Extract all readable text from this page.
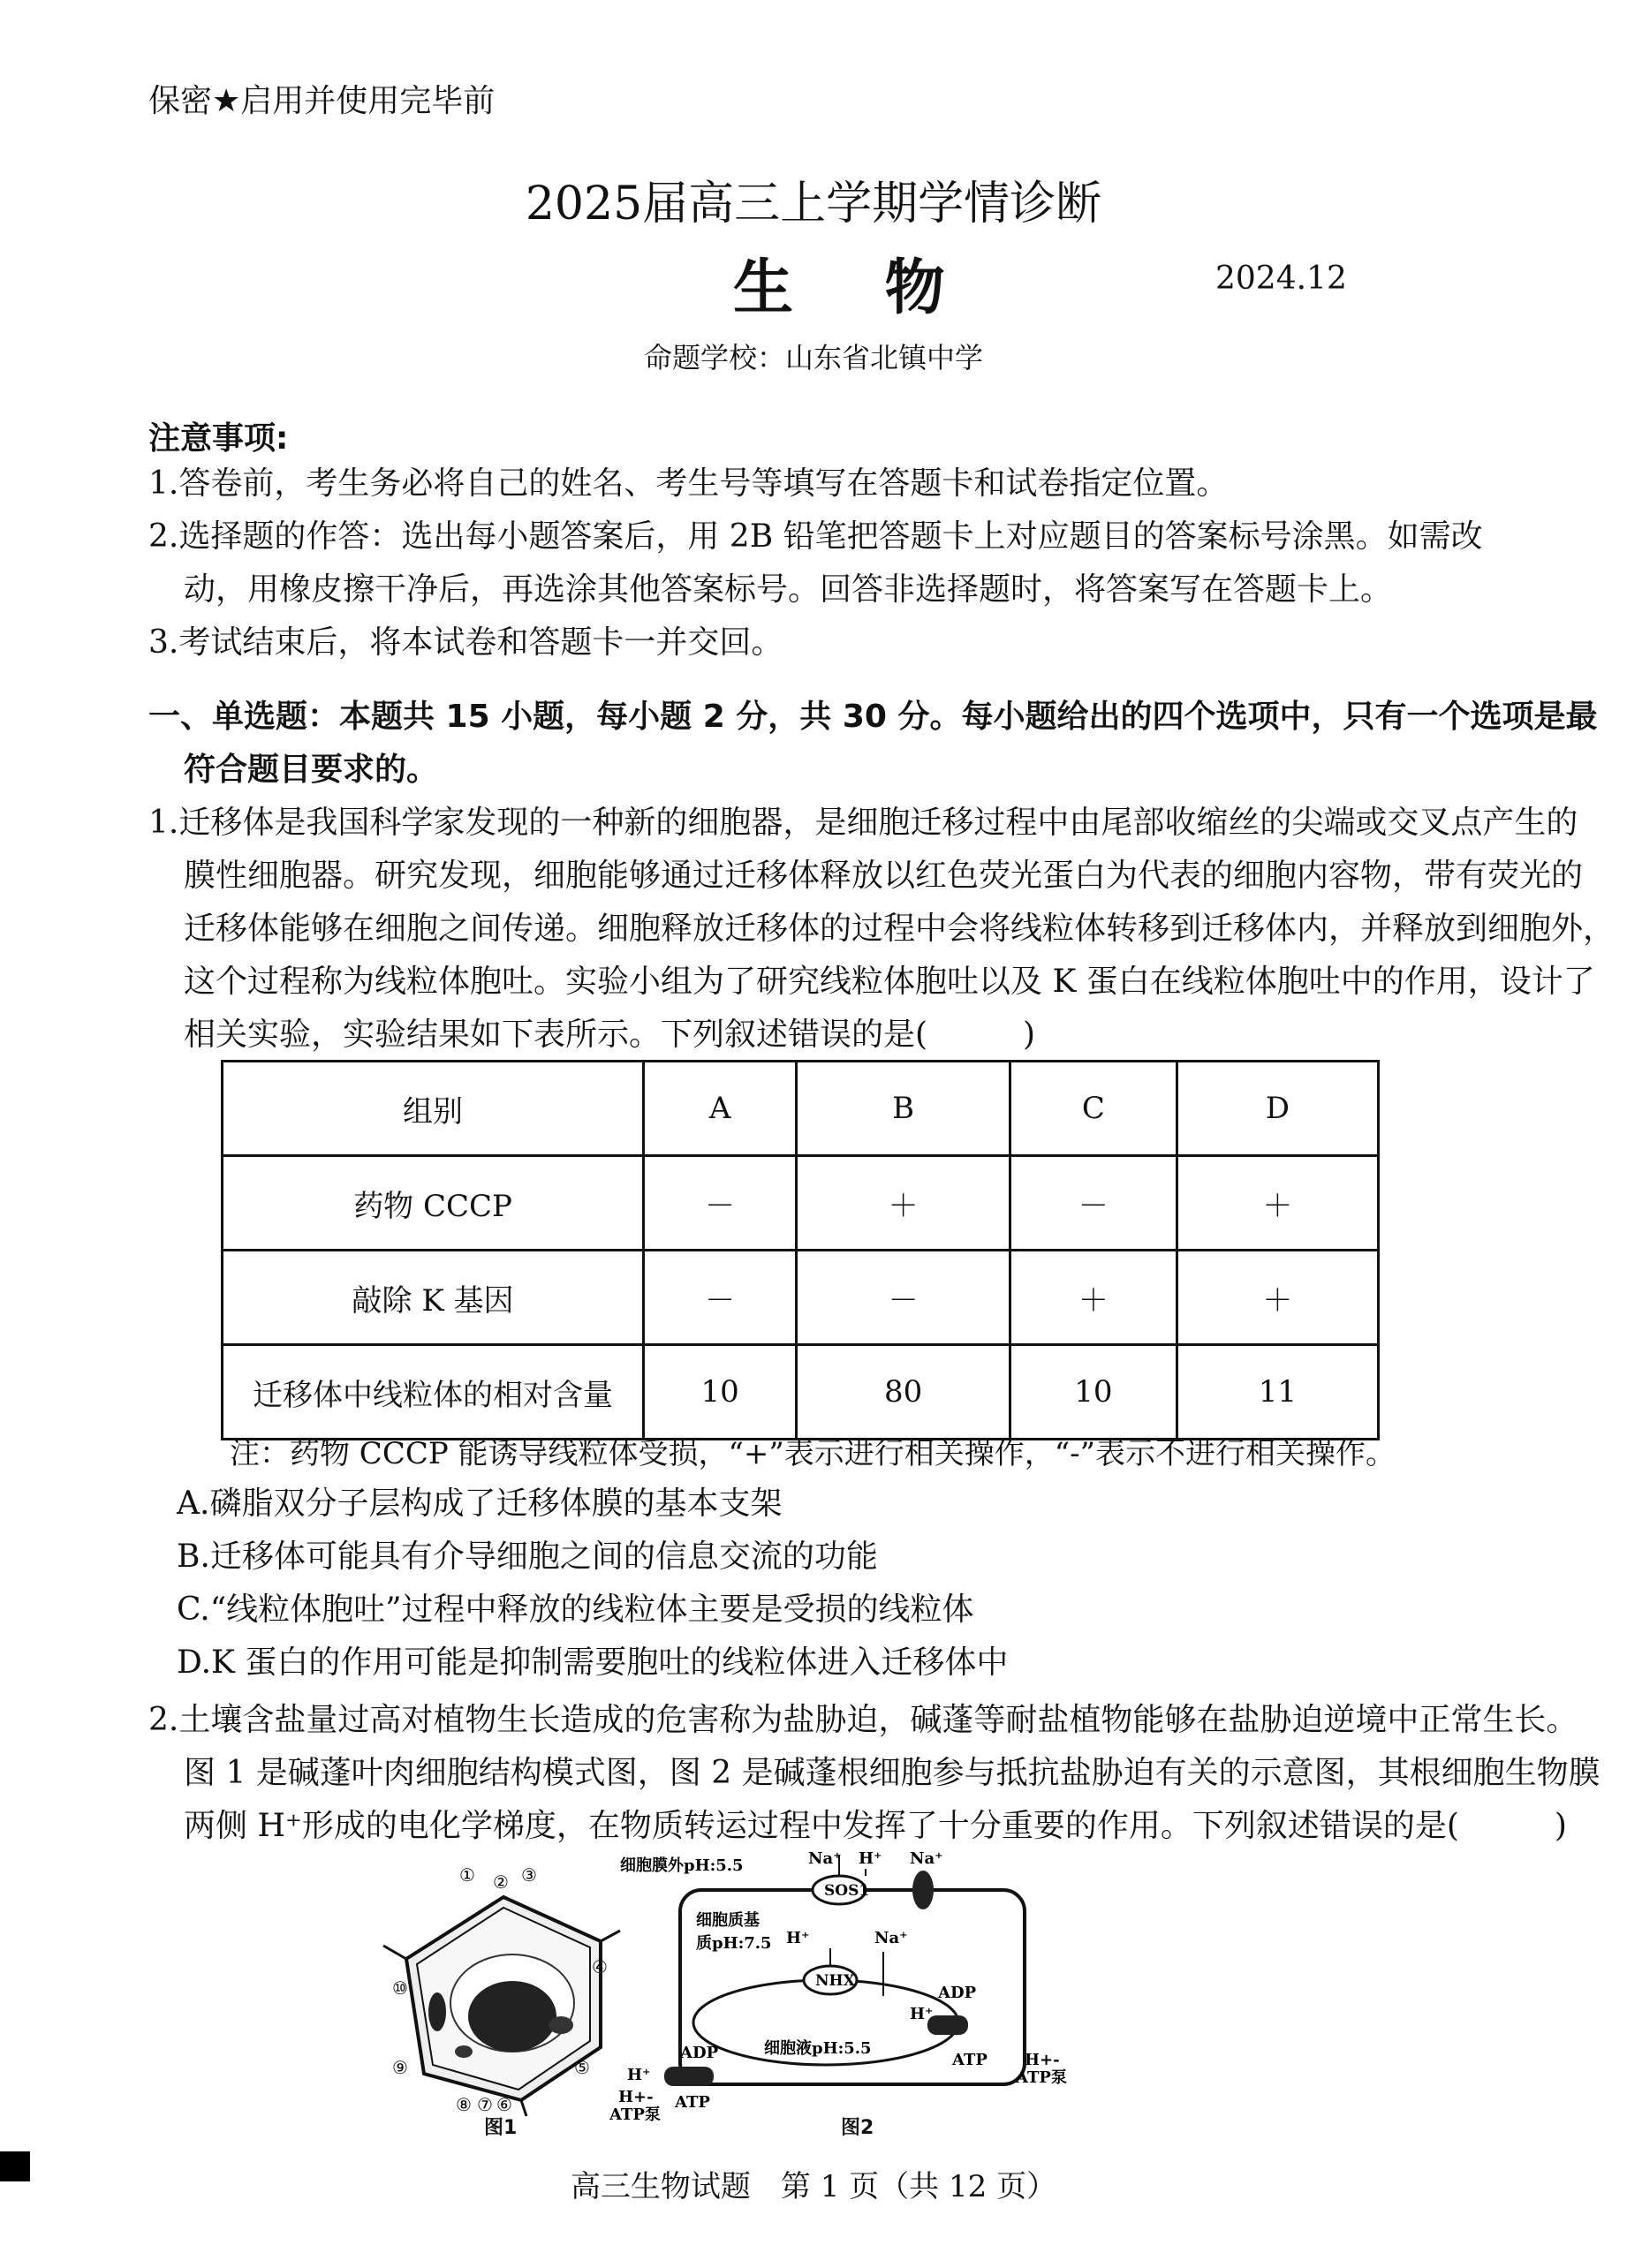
保密★启用并使用完毕前
2025届高三上学期学情诊断
生 物	2024.12
命题学校：山东省北镇中学
注意事项:
1.答卷前，考生务必将自己的姓名、考生号等填写在答题卡和试卷指定位置。
2.选择题的作答：选出每小题答案后，用 2B 铅笔把答题卡上对应题目的答案标号涂黑。如需改
动，用橡皮擦干净后，再选涂其他答案标号。回答非选择题时，将答案写在答题卡上。
3.考试结束后，将本试卷和答题卡一并交回。
一、单选题：本题共 15 小题，每小题 2 分，共 30 分。每小题给出的四个选项中，只有一个选项是最
符合题目要求的。
1.迁移体是我国科学家发现的一种新的细胞器，是细胞迁移过程中由尾部收缩丝的尖端或交叉点产生的
膜性细胞器。研究发现，细胞能够通过迁移体释放以红色荧光蛋白为代表的细胞内容物，带有荧光的
迁移体能够在细胞之间传递。细胞释放迁移体的过程中会将线粒体转移到迁移体内，并释放到细胞外，
这个过程称为线粒体胞吐。实验小组为了研究线粒体胞吐以及 K 蛋白在线粒体胞吐中的作用，设计了
相关实验，实验结果如下表所示。下列叙述错误的是(　　　)
组别	A	B	C	D
药物 CCCP	－	＋	－	＋
敲除 K 基因	－	－	＋	＋
迁移体中线粒体的相对含量	10	80	10	11
注：药物 CCCP 能诱导线粒体受损，“+”表示进行相关操作，“-”表示不进行相关操作。
A.磷脂双分子层构成了迁移体膜的基本支架
B.迁移体可能具有介导细胞之间的信息交流的功能
C.“线粒体胞吐”过程中释放的线粒体主要是受损的线粒体
D.K 蛋白的作用可能是抑制需要胞吐的线粒体进入迁移体中
2.土壤含盐量过高对植物生长造成的危害称为盐胁迫，碱蓬等耐盐植物能够在盐胁迫逆境中正常生长。
图 1 是碱蓬叶肉细胞结构模式图，图 2 是碱蓬根细胞参与抵抗盐胁迫有关的示意图，其根细胞生物膜
两侧 H⁺形成的电化学梯度，在物质转运过程中发挥了十分重要的作用。下列叙述错误的是(　　　)
① ② ③
④
⑤
⑥
⑦
⑧
⑨
⑩
图1
SOS1
NHX
细胞膜外pH:5.5	Na⁺ H⁺ Na⁺
细胞质基
质pH:7.5 H⁺	Na⁺
细胞液pH:5.5
ADP
H⁺
ATP H+-
ATP泵
ADP
H⁺
ATP
H+-
ATP泵
图2
高三生物试题　第 1 页（共 12 页）
